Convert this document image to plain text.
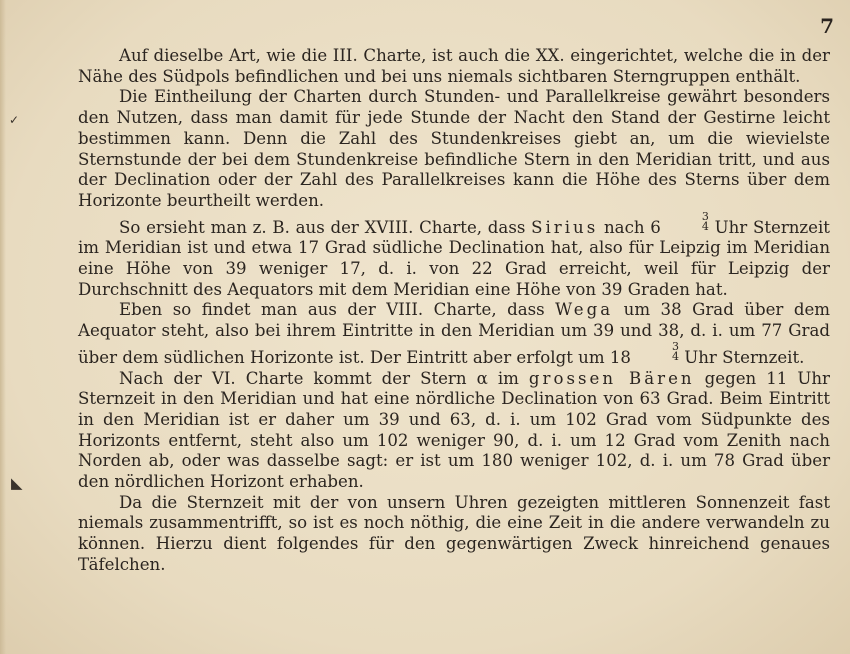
7
✓
◣

Auf dieselbe Art, wie die III. Charte, ist auch die XX. eingerichtet, welche die in der Nähe des Südpols befindlichen und bei uns niemals sichtbaren Sterngruppen enthält.

Die Eintheilung der Charten durch Stunden- und Parallelkreise gewährt besonders den Nutzen, dass man damit für jede Stunde der Nacht den Stand der Gestirne leicht bestimmen kann. Denn die Zahl des Stundenkreises giebt an, um die wievielste Sternstunde der bei dem Stundenkreise befindliche Stern in den Meridian tritt, und aus der Declination oder der Zahl des Parallelkreises kann die Höhe des Sterns über dem Horizonte beurtheilt werden.

So ersieht man z. B. aus der XVIII. Charte, dass Sirius nach 6
3
4 Uhr Sternzeit im Meridian ist und etwa 17 Grad südliche Declination hat, also für Leipzig im Meridian eine Höhe von 39 weniger 17, d. i. von 22 Grad erreicht, weil für Leipzig der Durchschnitt des Aequators mit dem Meridian eine Höhe von 39 Graden hat.

Eben so findet man aus der VIII. Charte, dass Wega um 38 Grad über dem Aequator steht, also bei ihrem Eintritte in den Meridian um 39 und 38, d. i. um 77 Grad über dem südlichen Horizonte ist. Der Eintritt aber erfolgt um 18
3
4 Uhr Sternzeit.

Nach der VI. Charte kommt der Stern α im grossen Bären gegen 11 Uhr Sternzeit in den Meridian und hat eine nördliche Declination von 63 Grad. Beim Eintritt in den Meridian ist er daher um 39 und 63, d. i. um 102 Grad vom Südpunkte des Horizonts entfernt, steht also um 102 weniger 90, d. i. um 12 Grad vom Zenith nach Norden ab, oder was dasselbe sagt: er ist um 180 weniger 102, d. i. um 78 Grad über den nördlichen Horizont erhaben.

Da die Sternzeit mit der von unsern Uhren gezeigten mittleren Sonnenzeit fast niemals zusammentrifft, so ist es noch nöthig, die eine Zeit in die andere verwandeln zu können. Hierzu dient folgendes für den gegenwärtigen Zweck hinreichend genaues Täfelchen.
